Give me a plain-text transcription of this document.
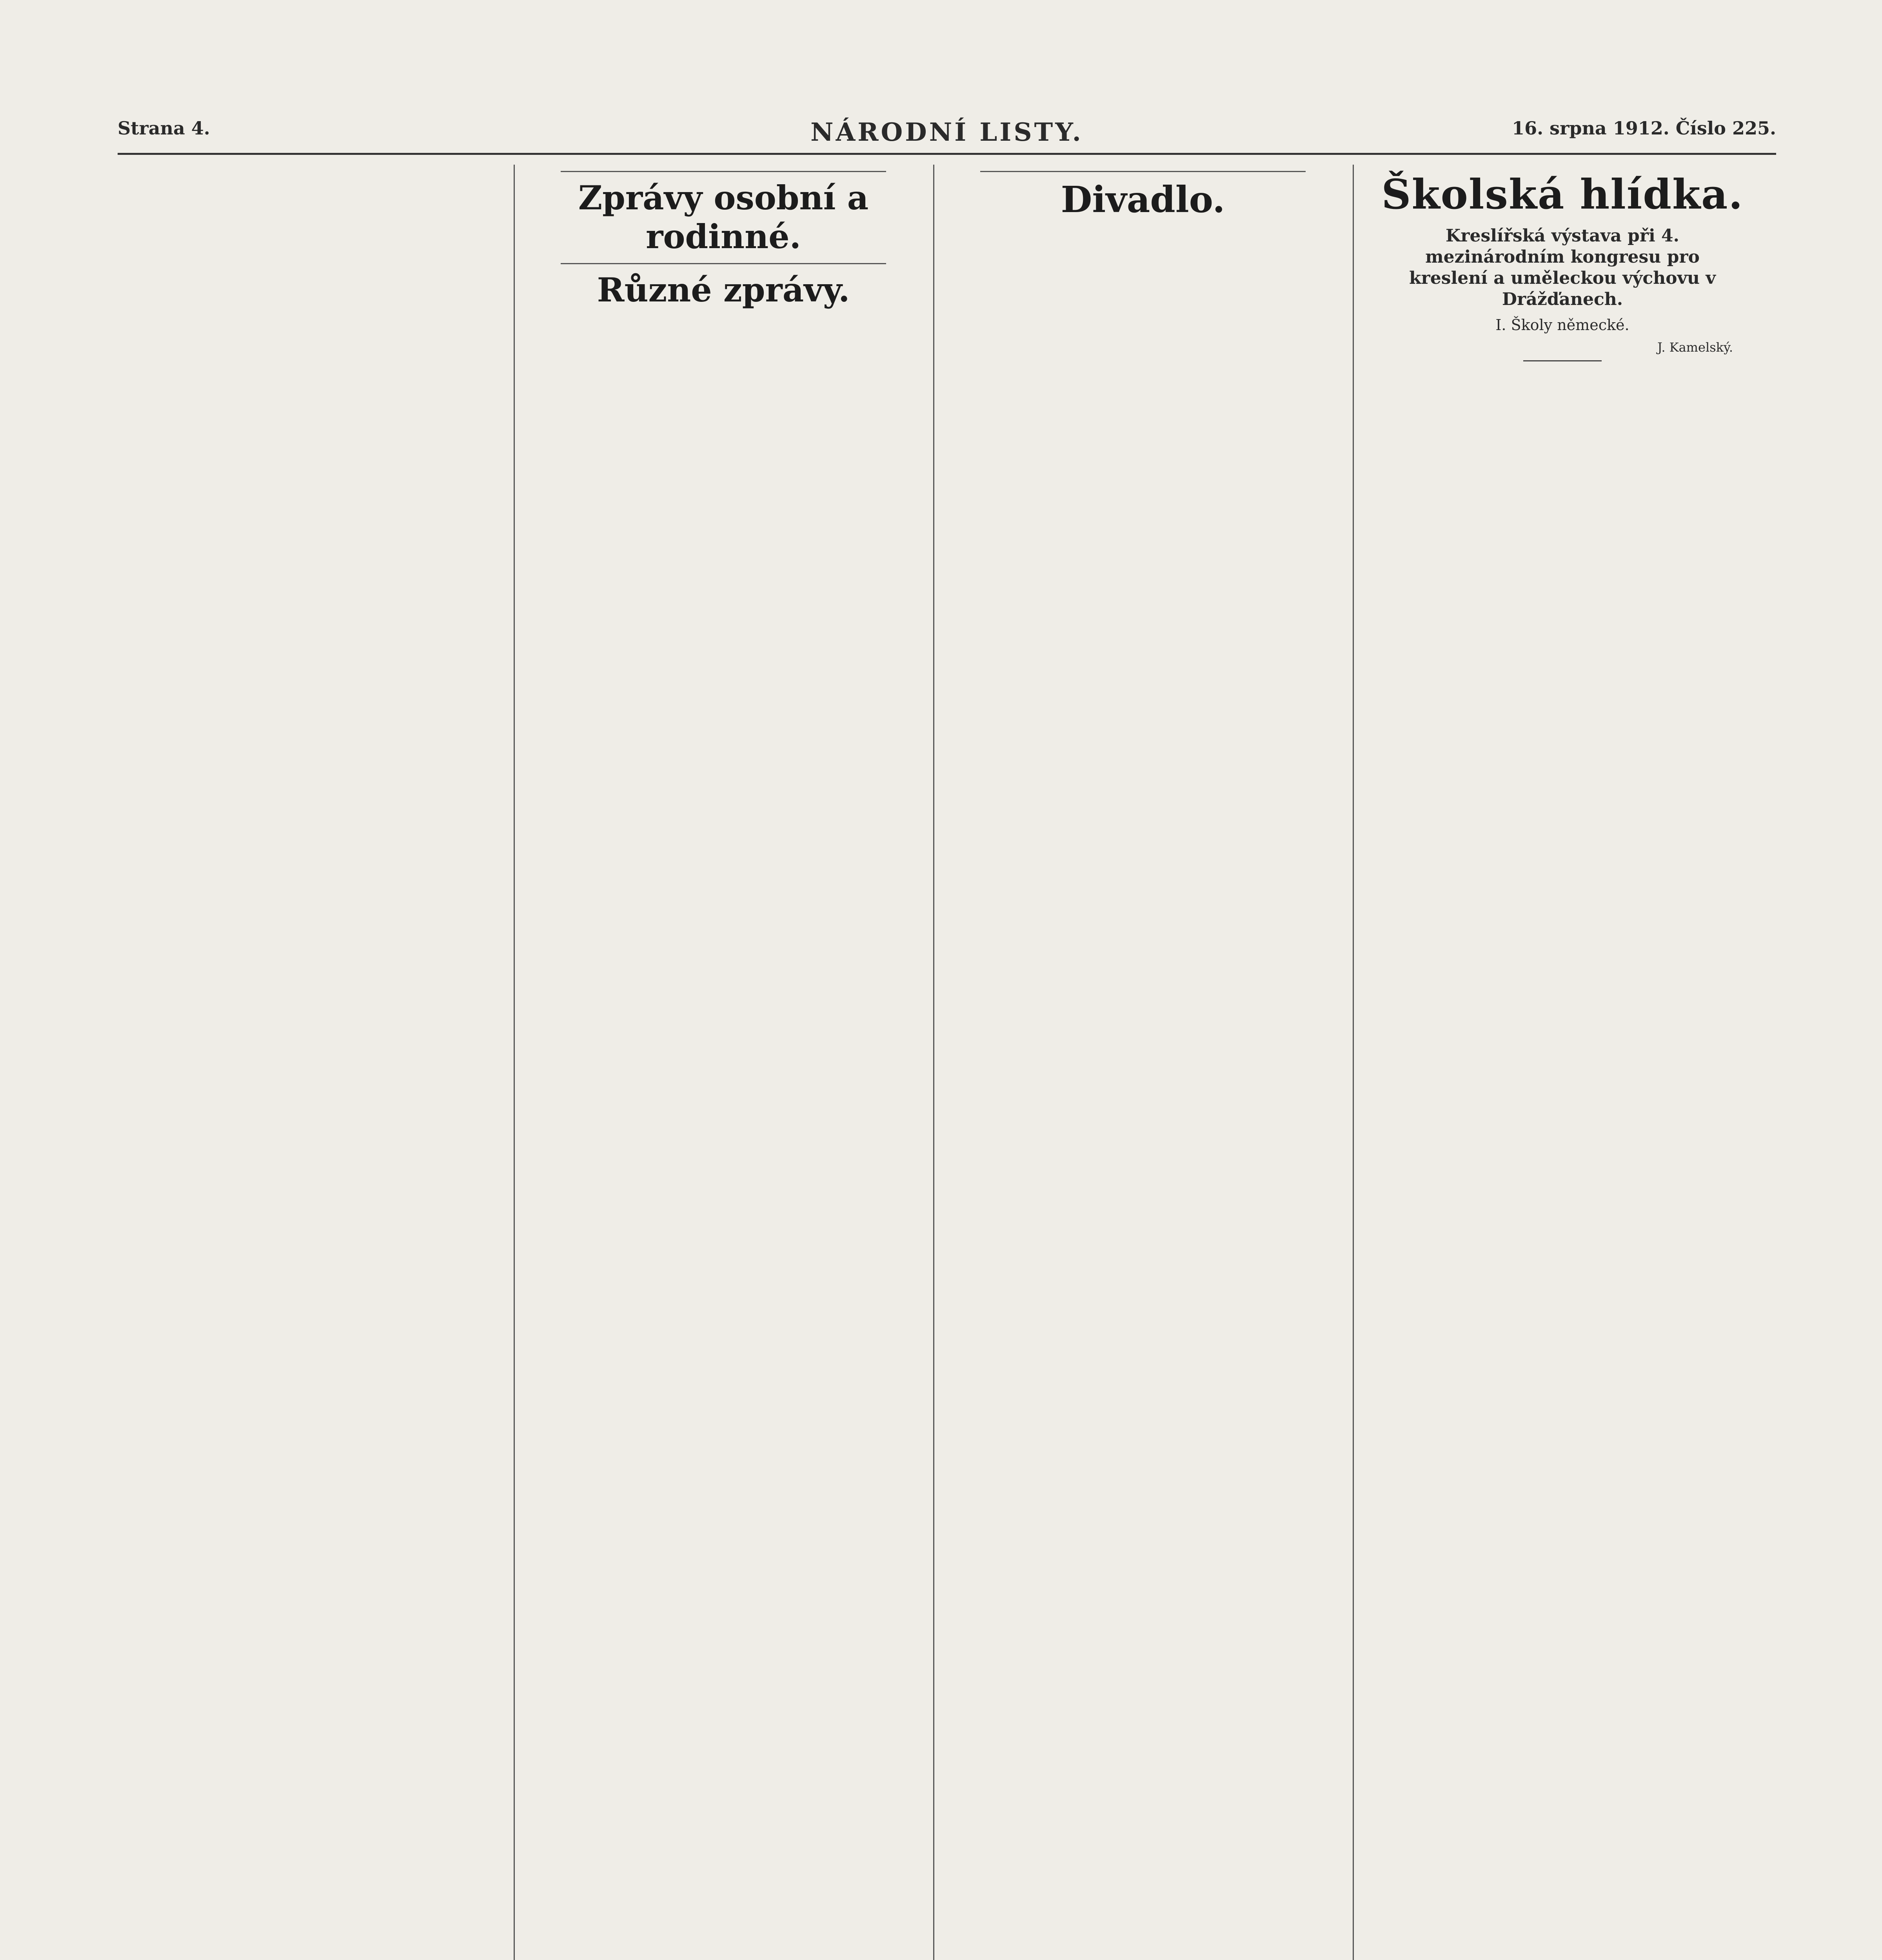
Strana 4.	NÁRODNÍ LISTY.	16. srpna 1912. Číslo 225.

Zprávy osobní a rodinné.

Různé zprávy.

Divadlo.	Školská hlídka.
Kreslířská výstava při 4. mezinárodním kongresu pro kreslení a uměleckou výchovu v Drážďanech.
I. Školy německé.

J. Kamelský.
